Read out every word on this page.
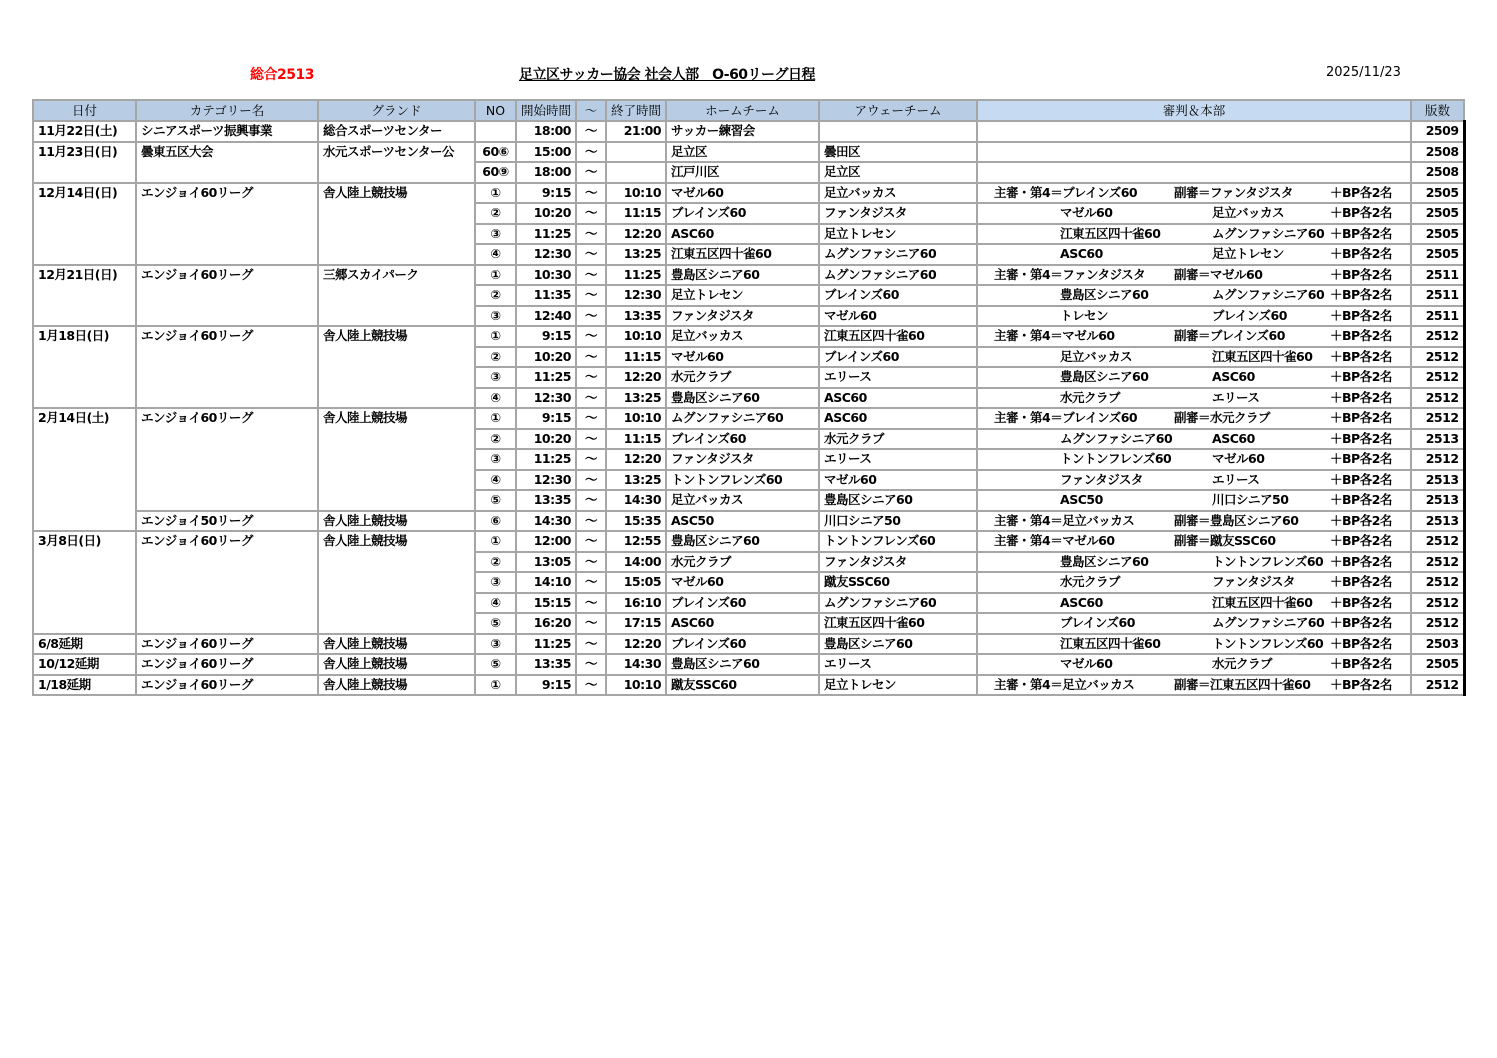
総合2513	足立区サッカー協会 社会人部　O-60リーグ日程	2025/11/23
日付	カテゴリー名	グランド	NO	開始時間	～	終了時間	ホームチーム	アウェーチーム	審判＆本部	版数
11月22日(土)	シニアスポーツ振興事業	総合スポーツセンター		18:00	～	21:00	サッカー練習会			2509
11月23日(日)	曇東五区大会	水元スポーツセンター公	60⑥	15:00	～		足立区	曇田区		2508
			60⑨	18:00	～		江戸川区	足立区		2508
12月14日(日)	エンジョイ60リーグ	舎人陸上競技場	①	9:15	～	10:10	マゼル60	足立バッカス	主審・第4＝ブレインズ60 副審＝ファンタジスタ ＋BP各2名	2505
			②	10:20	～	11:15	ブレインズ60	ファンタジスタ	マゼル60 足立バッカス ＋BP各2名	2505
			③	11:25	～	12:20	ASC60	足立トレセン	江東五区四十雀60 ムグンファシニア60 ＋BP各2名	2505
			④	12:30	～	13:25	江東五区四十雀60	ムグンファシニア60	ASC60 足立トレセン ＋BP各2名	2505
12月21日(日)	エンジョイ60リーグ	三郷スカイパーク	①	10:30	～	11:25	豊島区シニア60	ムグンファシニア60	主審・第4＝ファンタジスタ 副審＝マゼル60 ＋BP各2名	2511
			②	11:35	～	12:30	足立トレセン	ブレインズ60	豊島区シニア60 ムグンファシニア60 ＋BP各2名	2511
			③	12:40	～	13:35	ファンタジスタ	マゼル60	トレセン ブレインズ60 ＋BP各2名	2511
1月18日(日)	エンジョイ60リーグ	舎人陸上競技場	①	9:15	～	10:10	足立バッカス	江東五区四十雀60	主審・第4＝マゼル60 副審＝ブレインズ60 ＋BP各2名	2512
			②	10:20	～	11:15	マゼル60	ブレインズ60	足立バッカス 江東五区四十雀60 ＋BP各2名	2512
			③	11:25	～	12:20	水元クラブ	エリース	豊島区シニア60 ASC60 ＋BP各2名	2512
			④	12:30	～	13:25	豊島区シニア60	ASC60	水元クラブ エリース ＋BP各2名	2512
2月14日(土)	エンジョイ60リーグ	舎人陸上競技場	①	9:15	～	10:10	ムグンファシニア60	ASC60	主審・第4＝ブレインズ60 副審＝水元クラブ ＋BP各2名	2512
			②	10:20	～	11:15	ブレインズ60	水元クラブ	ムグンファシニア60 ASC60 ＋BP各2名	2513
			③	11:25	～	12:20	ファンタジスタ	エリース	トントンフレンズ60 マゼル60 ＋BP各2名	2512
			④	12:30	～	13:25	トントンフレンズ60	マゼル60	ファンタジスタ エリース ＋BP各2名	2513
			⑤	13:35	～	14:30	足立バッカス	豊島区シニア60	ASC50 川口シニア50 ＋BP各2名	2513
	エンジョイ50リーグ	舎人陸上競技場	⑥	14:30	～	15:35	ASC50	川口シニア50	主審・第4＝足立バッカス 副審＝豊島区シニア60 ＋BP各2名	2513
3月8日(日)	エンジョイ60リーグ	舎人陸上競技場	①	12:00	～	12:55	豊島区シニア60	トントンフレンズ60	主審・第4＝マゼル60 副審＝蹴友SSC60 ＋BP各2名	2512
			②	13:05	～	14:00	水元クラブ	ファンタジスタ	豊島区シニア60 トントンフレンズ60 ＋BP各2名	2512
			③	14:10	～	15:05	マゼル60	蹴友SSC60	水元クラブ ファンタジスタ ＋BP各2名	2512
			④	15:15	～	16:10	ブレインズ60	ムグンファシニア60	ASC60 江東五区四十雀60 ＋BP各2名	2512
			⑤	16:20	～	17:15	ASC60	江東五区四十雀60	ブレインズ60 ムグンファシニア60 ＋BP各2名	2512
6/8延期	エンジョイ60リーグ	舎人陸上競技場	③	11:25	～	12:20	ブレインズ60	豊島区シニア60	江東五区四十雀60 トントンフレンズ60 ＋BP各2名	2503
10/12延期	エンジョイ60リーグ	舎人陸上競技場	⑤	13:35	～	14:30	豊島区シニア60	エリース	マゼル60 水元クラブ ＋BP各2名	2505
1/18延期	エンジョイ60リーグ	舎人陸上競技場	①	9:15	～	10:10	蹴友SSC60	足立トレセン	主審・第4＝足立バッカス 副審＝江東五区四十雀60 ＋BP各2名	2512
